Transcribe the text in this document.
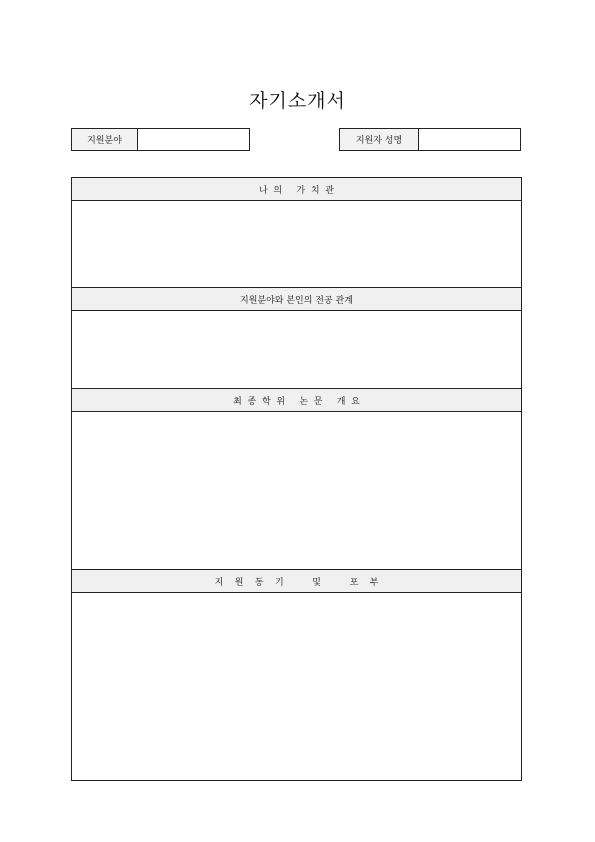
자기소개서
지원분야	지원자 성명
나  의     가  치  관
지원분야와 본인의 전공 관계
최  종  학  위     논  문     개  요
지    원    동    기          및          포    부
